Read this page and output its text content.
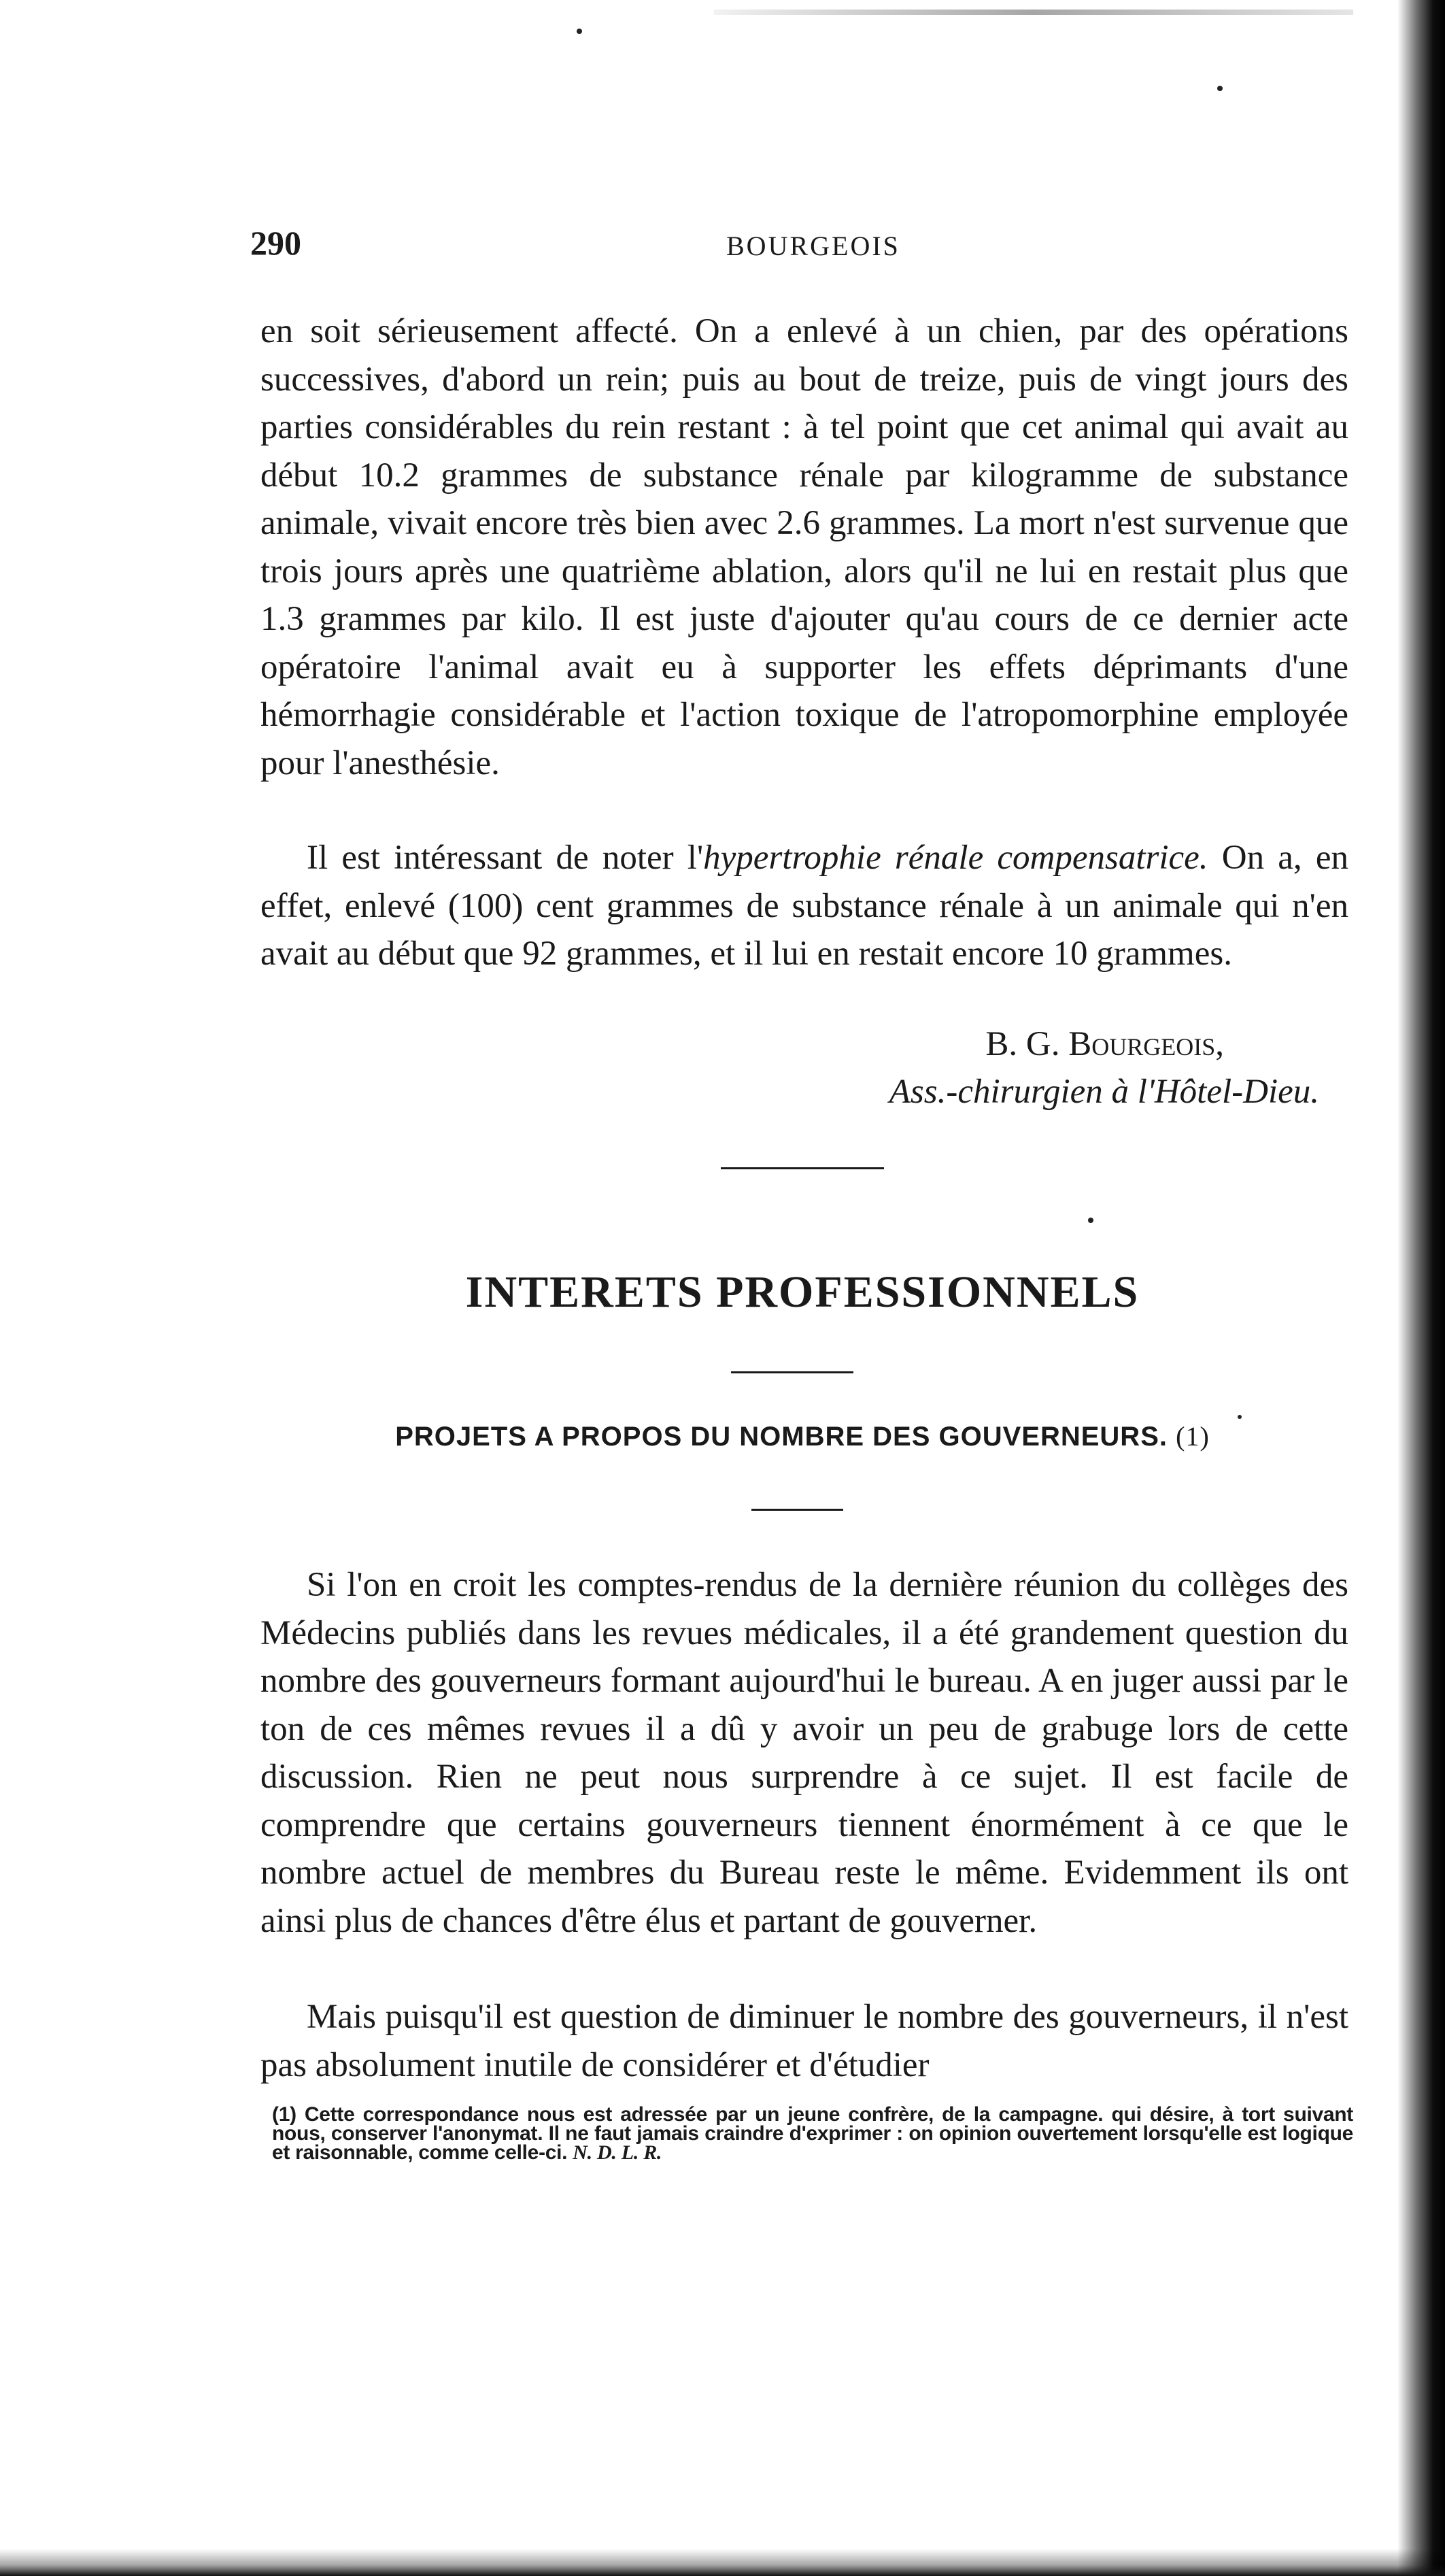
290	BOURGEOIS
en soit sérieusement affecté. On a enlevé à un chien, par des opérations successives, d'abord un rein; puis au bout de treize, puis de vingt jours des parties considérables du rein restant : à tel point que cet animal qui avait au début 10.2 grammes de substance rénale par kilogramme de substance animale, vivait encore très bien avec 2.6 grammes. La mort n'est survenue que trois jours après une quatrième ablation, alors qu'il ne lui en restait plus que 1.3 grammes par kilo. Il est juste d'ajouter qu'au cours de ce dernier acte opératoire l'animal avait eu à supporter les effets déprimants d'une hémorrhagie considérable et l'action toxique de l'atropomorphine employée pour l'anesthésie.
Il est intéressant de noter l'hypertrophie rénale compensatrice. On a, en effet, enlevé (100) cent grammes de substance rénale à un animale qui n'en avait au début que 92 grammes, et il lui en restait encore 10 grammes.
B. G. Bourgeois,
Ass.-chirurgien à l'Hôtel-Dieu.
INTERETS PROFESSIONNELS
PROJETS A PROPOS DU NOMBRE DES GOUVERNEURS. (1)
Si l'on en croit les comptes-rendus de la dernière réunion du collèges des Médecins publiés dans les revues médicales, il a été grandement question du nombre des gouverneurs formant aujourd'hui le bureau. A en juger aussi par le ton de ces mêmes revues il a dû y avoir un peu de grabuge lors de cette discussion. Rien ne peut nous surprendre à ce sujet. Il est facile de comprendre que certains gouverneurs tiennent énormément à ce que le nombre actuel de membres du Bureau reste le même. Evidemment ils ont ainsi plus de chances d'être élus et partant de gouverner.
Mais puisqu'il est question de diminuer le nombre des gouverneurs, il n'est pas absolument inutile de considérer et d'étudier
(1) Cette correspondance nous est adressée par un jeune confrère, de la campagne. qui désire, à tort suivant nous, conserver l'anonymat. Il ne faut jamais craindre d'exprimer : on opinion ouvertement lorsqu'elle est logique et raisonnable, comme celle-ci. N. D. L. R.
